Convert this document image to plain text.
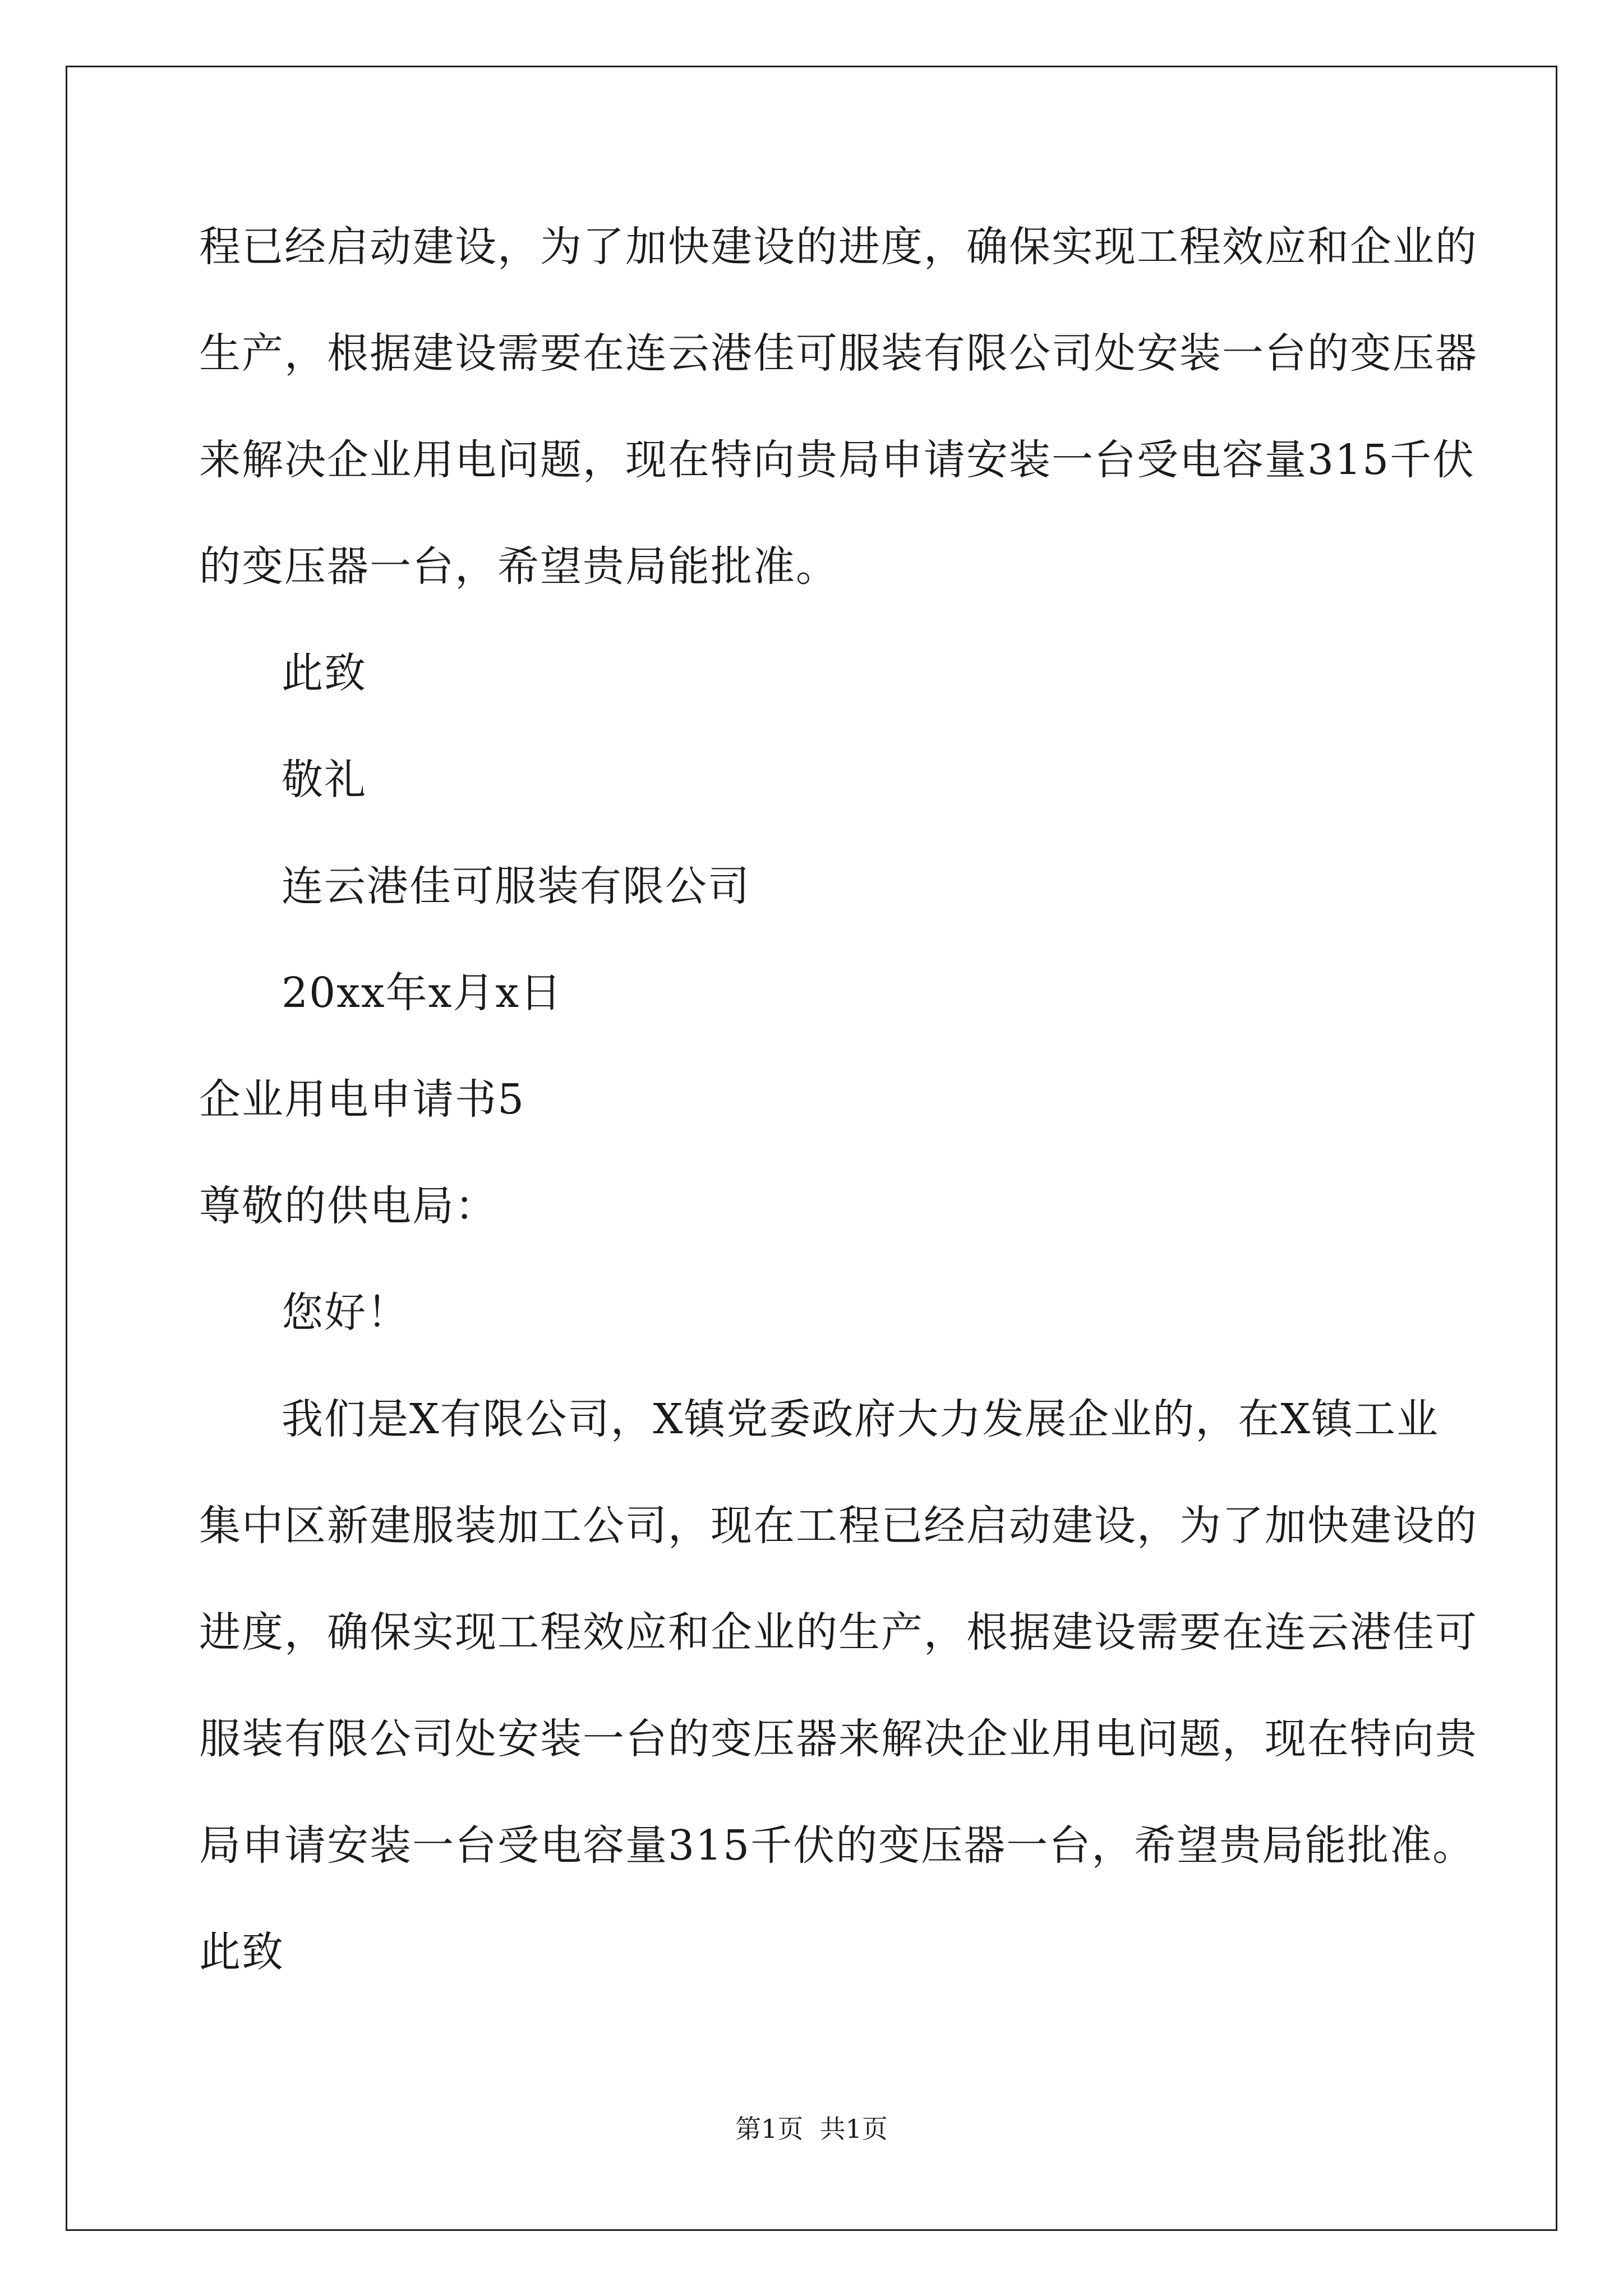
程已经启动建设，为了加快建设的进度，确保实现工程效应和企业的
生产，根据建设需要在连云港佳可服装有限公司处安装一台的变压器
来解决企业用电问题，现在特向贵局申请安装一台受电容量315千伏
的变压器一台，希望贵局能批准。
此致
敬礼
连云港佳可服装有限公司
20xx年x月x日
企业用电申请书5
尊敬的供电局：
您好！
我们是X有限公司，X镇党委政府大力发展企业的，在X镇工业
集中区新建服装加工公司，现在工程已经启动建设，为了加快建设的
进度，确保实现工程效应和企业的生产，根据建设需要在连云港佳可
服装有限公司处安装一台的变压器来解决企业用电问题，现在特向贵
局申请安装一台受电容量315千伏的变压器一台，希望贵局能批准。
此致
第1页  共1页
